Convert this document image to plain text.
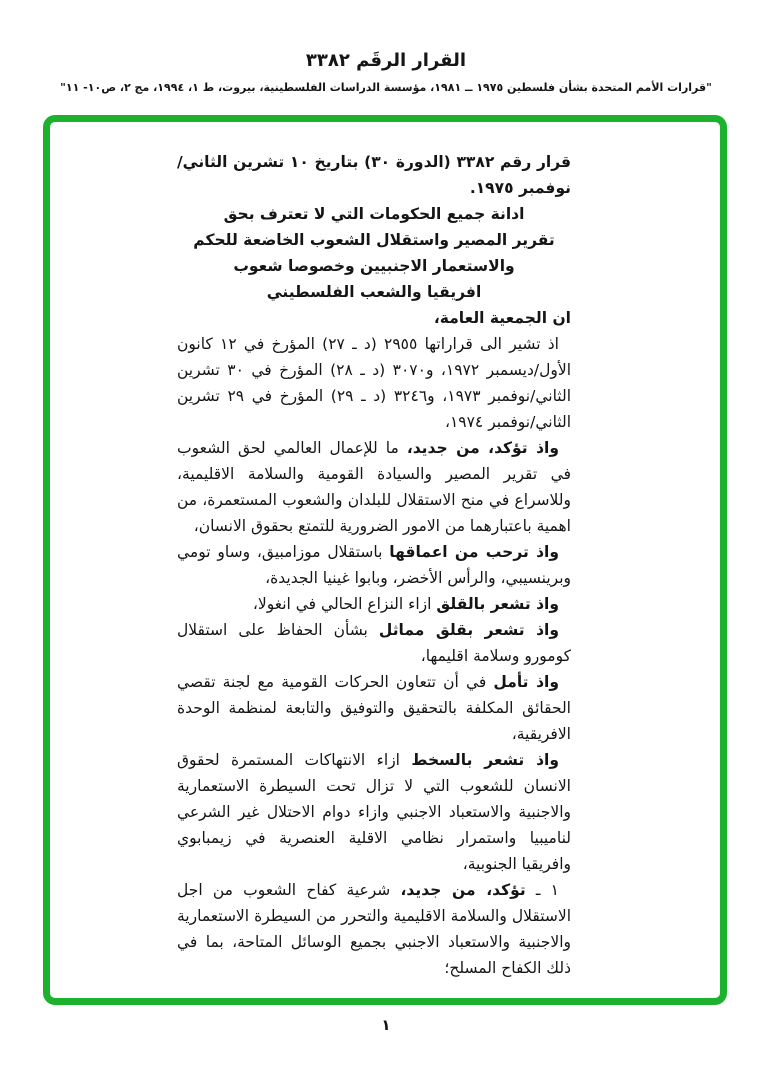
القرار الرقَم ٣٣٨٢
"قرارات الأمم المتحدة بشأن فلسطين ١٩٧٥ ــ ١٩٨١، مؤسسة الدراسات الفلسطينية، بيروت، ط ١، ١٩٩٤، مج ٢، ص١٠- ١١"

قرار رقم ٣٣٨٢ (الدورة ٣٠) بتاريخ ١٠ تشرين الثاني/نوفمبر ١٩٧٥.

ادانة جميع الحكومات التي لا تعترف بحق
تقرير المصير واستقلال الشعوب الخاضعة للحكم
والاستعمار الاجنبيين وخصوصا شعوب
افريقيا والشعب الفلسطيني

ان الجمعية العامة،

اذ تشير الى قراراتها ٢٩٥٥ (د ـ ٢٧) المؤرخ في ١٢ كانون الأول/ديسمبر ١٩٧٢، و٣٠٧٠ (د ـ ٢٨) المؤرخ في ٣٠ تشرين الثاني/نوفمبر ١٩٧٣، و٣٢٤٦ (د ـ ٢٩) المؤرخ في ٢٩ تشرين الثاني/نوفمبر ١٩٧٤،

واذ تؤكد، من جديد، ما للإعمال العالمي لحق الشعوب في تقرير المصير والسيادة القومية والسلامة الاقليمية، وللاسراع في منح الاستقلال للبلدان والشعوب المستعمرة، من اهمية باعتبارهما من الامور الضرورية للتمتع بحقوق الانسان،

واذ ترحب من اعماقها باستقلال موزامبيق، وساو تومي وبرينسيبي، والرأس الأخضر، وبابوا غينيا الجديدة،

واذ تشعر بالقلق ازاء النزاع الحالي في انغولا،

واذ تشعر بقلق مماثل بشأن الحفاظ على استقلال كومورو وسلامة اقليمها،

واذ تأمل في أن تتعاون الحركات القومية مع لجنة تقصي الحقائق المكلفة بالتحقيق والتوفيق والتابعة لمنظمة الوحدة الافريقية،

واذ تشعر بالسخط ازاء الانتهاكات المستمرة لحقوق الانسان للشعوب التي لا تزال تحت السيطرة الاستعمارية والاجنبية والاستعباد الاجنبي وازاء دوام الاحتلال غير الشرعي لناميبيا واستمرار نظامي الاقلية العنصرية في زيمبابوي وافريقيا الجنوبية،

١ ـ تؤكد، من جديد، شرعية كفاح الشعوب من اجل الاستقلال والسلامة الاقليمية والتحرر من السيطرة الاستعمارية والاجنبية والاستعباد الاجنبي بجميع الوسائل المتاحة، بما في ذلك الكفاح المسلح؛

١
